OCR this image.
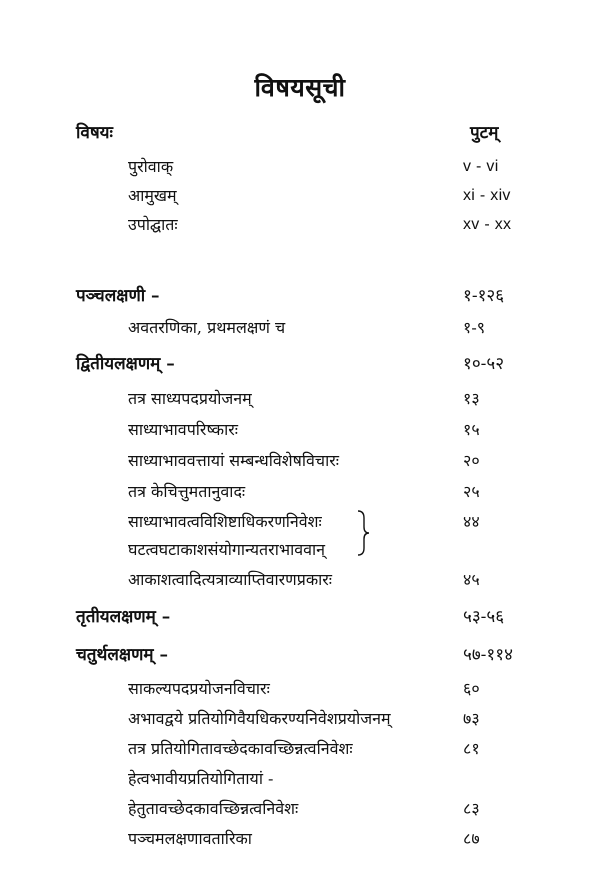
विषयसूची
विषयः	पुटम्
पुरोवाक्	v - vi
आमुखम्	xi - xiv
उपोद्घातः	xv - xx
पञ्चलक्षणी –	१-१२६
अवतरणिका, प्रथमलक्षणं च	१-९
द्वितीयलक्षणम् –	१०-५२
तत्र साध्यपदप्रयोजनम्	१३
साध्याभावपरिष्कारः	१५
साध्याभाववत्तायां सम्बन्धविशेषविचारः	२०
तत्र केचित्तुमतानुवादः	२५
साध्याभावत्वविशिष्टाधिकरणनिवेशः	४४
घटत्वघटाकाशसंयोगान्यतराभाववान्
आकाशत्वादित्यत्राव्याप्तिवारणप्रकारः	४५
तृतीयलक्षणम् –	५३-५६
चतुर्थलक्षणम् –	५७-११४
साकल्यपदप्रयोजनविचारः	६०
अभावद्वये प्रतियोगिवैयधिकरण्यनिवेशप्रयोजनम्	७३
तत्र प्रतियोगितावच्छेदकावच्छिन्नत्वनिवेशः	८१
हेत्वभावीयप्रतियोगितायां -
हेतुतावच्छेदकावच्छिन्नत्वनिवेशः	८३
पञ्चमलक्षणावतारिका	८७
